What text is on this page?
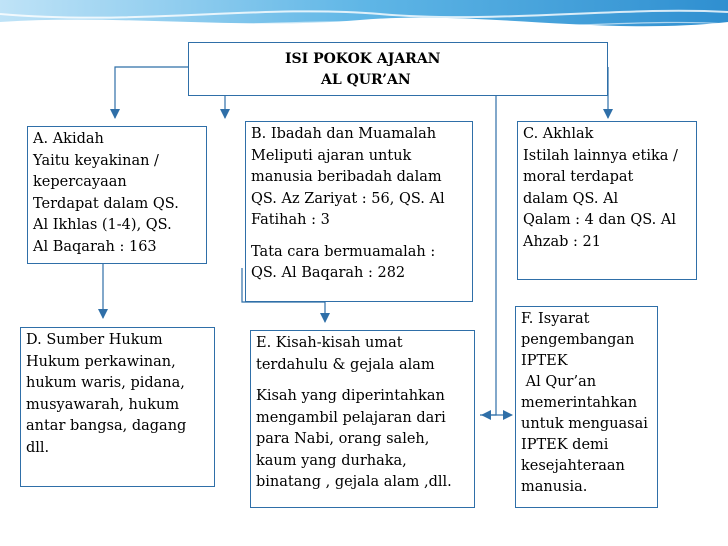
ISI POKOK AJARAN
AL QUR’AN
A. Akidah
Yaitu keyakinan /
kepercayaan
Terdapat dalam QS.
Al Ikhlas (1-4), QS.
Al Baqarah : 163
B. Ibadah dan Muamalah
Meliputi ajaran untuk
manusia beribadah dalam
QS. Az Zariyat : 56, QS. Al
Fatihah : 3
Tata cara bermuamalah :
QS. Al Baqarah : 282
C. Akhlak
Istilah lainnya etika /
moral terdapat
dalam QS. Al
Qalam : 4 dan QS. Al
Ahzab : 21
D. Sumber Hukum
Hukum perkawinan,
hukum waris, pidana,
musyawarah, hukum
antar bangsa, dagang
dll.
E. Kisah-kisah umat
terdahulu & gejala alam
Kisah yang diperintahkan
mengambil pelajaran dari
para Nabi, orang saleh,
kaum yang durhaka,
binatang , gejala alam ,dll.
F. Isyarat
pengembangan
IPTEK
Al Qur’an
memerintahkan
untuk menguasai
IPTEK demi
kesejahteraan
manusia.
